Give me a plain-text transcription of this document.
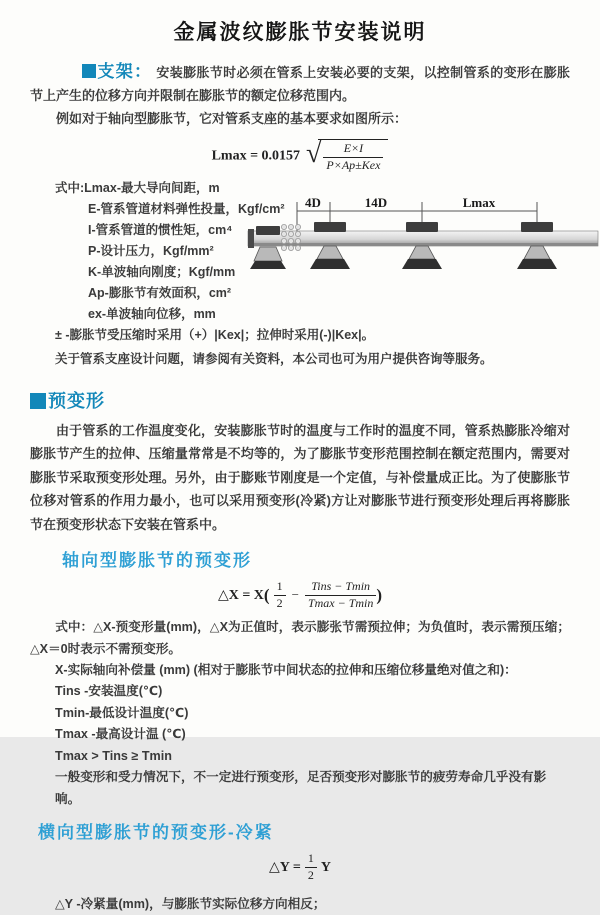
金属波纹膨胀节安装说明

支架： 安装膨胀节时必须在管系上安装必要的支架，以控制管系的变形在膨胀节上产生的位移方向并限制在膨胀节的额定位移范围内。

例如对于轴向型膨胀节，它对管系支座的基本要求如图所示：

Lmax = 0.0157 √ $\frac{E\times I}{\text{P×Ap±Kex}}$
式中:Lmax-最大导向间距，m
E-管系管道材料弹性投量，Kgf/cm²
I-管系管道的惯性矩，cm⁴
P-设计压力，Kgf/mm²
K-单波轴向刚度；Kgf/mm
Ap-膨胀节有效面积，cm²
ex-单波轴向位移，mm
± -膨胀节受压缩时采用（+）|Kex|；拉伸时采用(-)|Kex|。

关于管系支座设计问题，请参阅有关资料，本公司也可为用户提供咨询等服务。

预变形

由于管系的工作温度变化，安装膨胀节时的温度与工作时的温度不同，管系热膨胀冷缩对膨胀节产生的拉伸、压缩量常常是不均等的，为了膨胀节变形范围控制在额定范围内，需要对膨胀节采取预变形处理。另外，由于膨账节刚度是一个定值，与补偿量成正比。为了使膨胀节位移对管系的作用力最小，也可以采用预变形(冷紧)方让对膨胀节进行预变形处理后再将膨胀节在预变形状态下安装在管系中。

轴向型膨胀节的预变形
△X = $X( \frac{1}{2} - \frac{\text{Tins − Tmin}}{Tmax - Tmin}$ )

式中：△X-预变形量(mm)，△X为正值时，表示膨张节需预拉伸；为负值时，表示需预压缩；△X＝0时表示不需预变形。

X-实际轴向补偿量 (mm) (相对于膨胀节中间状态的拉伸和压缩位移量绝对值之和)：
Tins -安装温度(℃)
Tmin-最低设计温度(℃)
Tmax -最高设计温 (℃)
Tmax > Tins ≥ Tmin
一般变形和受力情况下，不一定进行预变形，足否预变形对膨胀节的疲劳寿命几乎没有影响。
横向型膨胀节的预变形-冷紧
△Y = $\frac{1}{2}$ Y

△Y -冷紧量(mm)，与膨胀节实际位移方向相反；

4D	14D	Lmax
